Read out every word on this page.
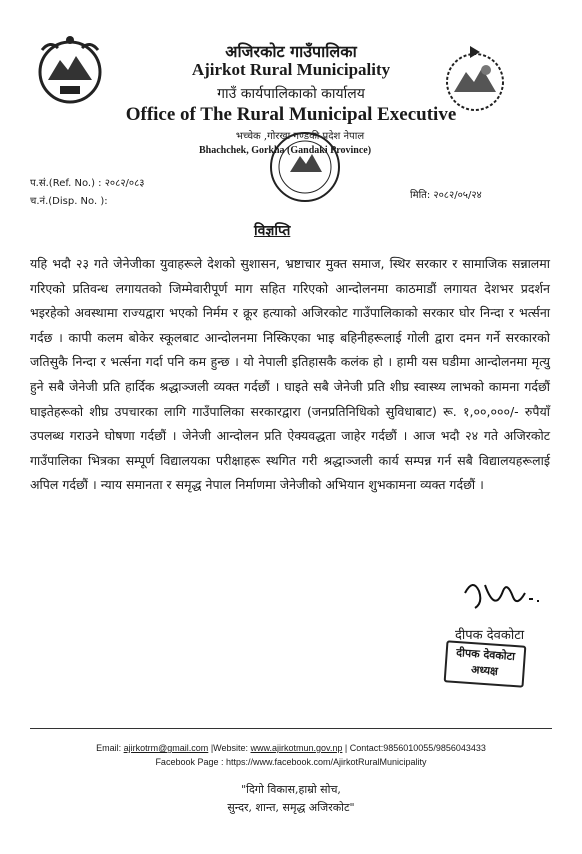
अजिरकोट गाउँपालिका
Ajirkot Rural Municipality
गाउँ कार्यपालिकाको कार्यालय
Office of The Rural Municipal Executive
भच्चेक ,गोरखा गण्डकी प्रदेश नेपाल
Bhachchek, Gorkha (Gandaki Province)
प.सं.(Ref. No.) : २०८२/०८३
च.नं.(Disp. No. ):
मिति: २०८२/०५/२४
विज्ञप्ति
यहि भदौ २३ गते जेनेजीका युवाहरूले देशको सुशासन, भ्रष्टाचार मुक्त समाज, स्थिर सरकार र सामाजिक सन्नालमा गरिएको प्रतिवन्ध लगायतको जिम्मेवारीपूर्ण माग सहित गरिएको आन्दोलनमा काठमाडौं लगायत देशभर प्रदर्शन भइरहेको अवस्थामा राज्यद्वारा भएको निर्मम र क्रूर हत्याको अजिरकोट गाउँपालिकाको सरकार घोर निन्दा र भर्त्सना गर्दछ । कापी कलम बोकेर स्कूलबाट आन्दोलनमा निस्किएका भाइ बहिनीहरूलाई गोली द्वारा दमन गर्ने सरकारको जतिसुकै निन्दा र भर्त्सना गर्दा पनि कम हुन्छ । यो नेपाली इतिहासकै कलंक हो । हामी यस घडीमा आन्दोलनमा मृत्यु हुने सबै जेनेजी प्रति हार्दिक श्रद्धाञ्जली व्यक्त गर्दछौं । घाइते सबै जेनेजी प्रति शीघ्र स्वास्थ्य लाभको कामना गर्दछौं घाइतेहरूको शीघ्र उपचारका लागि गाउँपालिका सरकारद्वारा (जनप्रतिनिधिको सुविधाबाट) रू. १,००,०००/- रुपैयाँ उपलब्ध गराउने घोषणा गर्दछौं । जेनेजी आन्दोलन प्रति ऐक्यवद्धता जाहेर गर्दछौं । आज भदौ २४ गते अजिरकोट गाउँपालिका भित्रका सम्पूर्ण विद्यालयका परीक्षाहरू स्थगित गरी श्रद्धाञ्जली कार्य सम्पन्न गर्न सबै विद्यालयहरूलाई अपिल गर्दछौं । न्याय समानता र समृद्ध नेपाल निर्माणमा जेनेजीको अभियान शुभकामना व्यक्त गर्दछौं ।
दीपक देवकोटा
दीपक देवकोटा
अध्यक्ष
Email: ajirkotrm@gmail.com |Website: www.ajirkotmun.gov.np | Contact:9856010055/9856043433
Facebook Page : https://www.facebook.com/AjirkotRuralMunicipality
"दिगो विकास,हाम्रो सोच,
सुन्दर, शान्त, समृद्ध अजिरकोट"
